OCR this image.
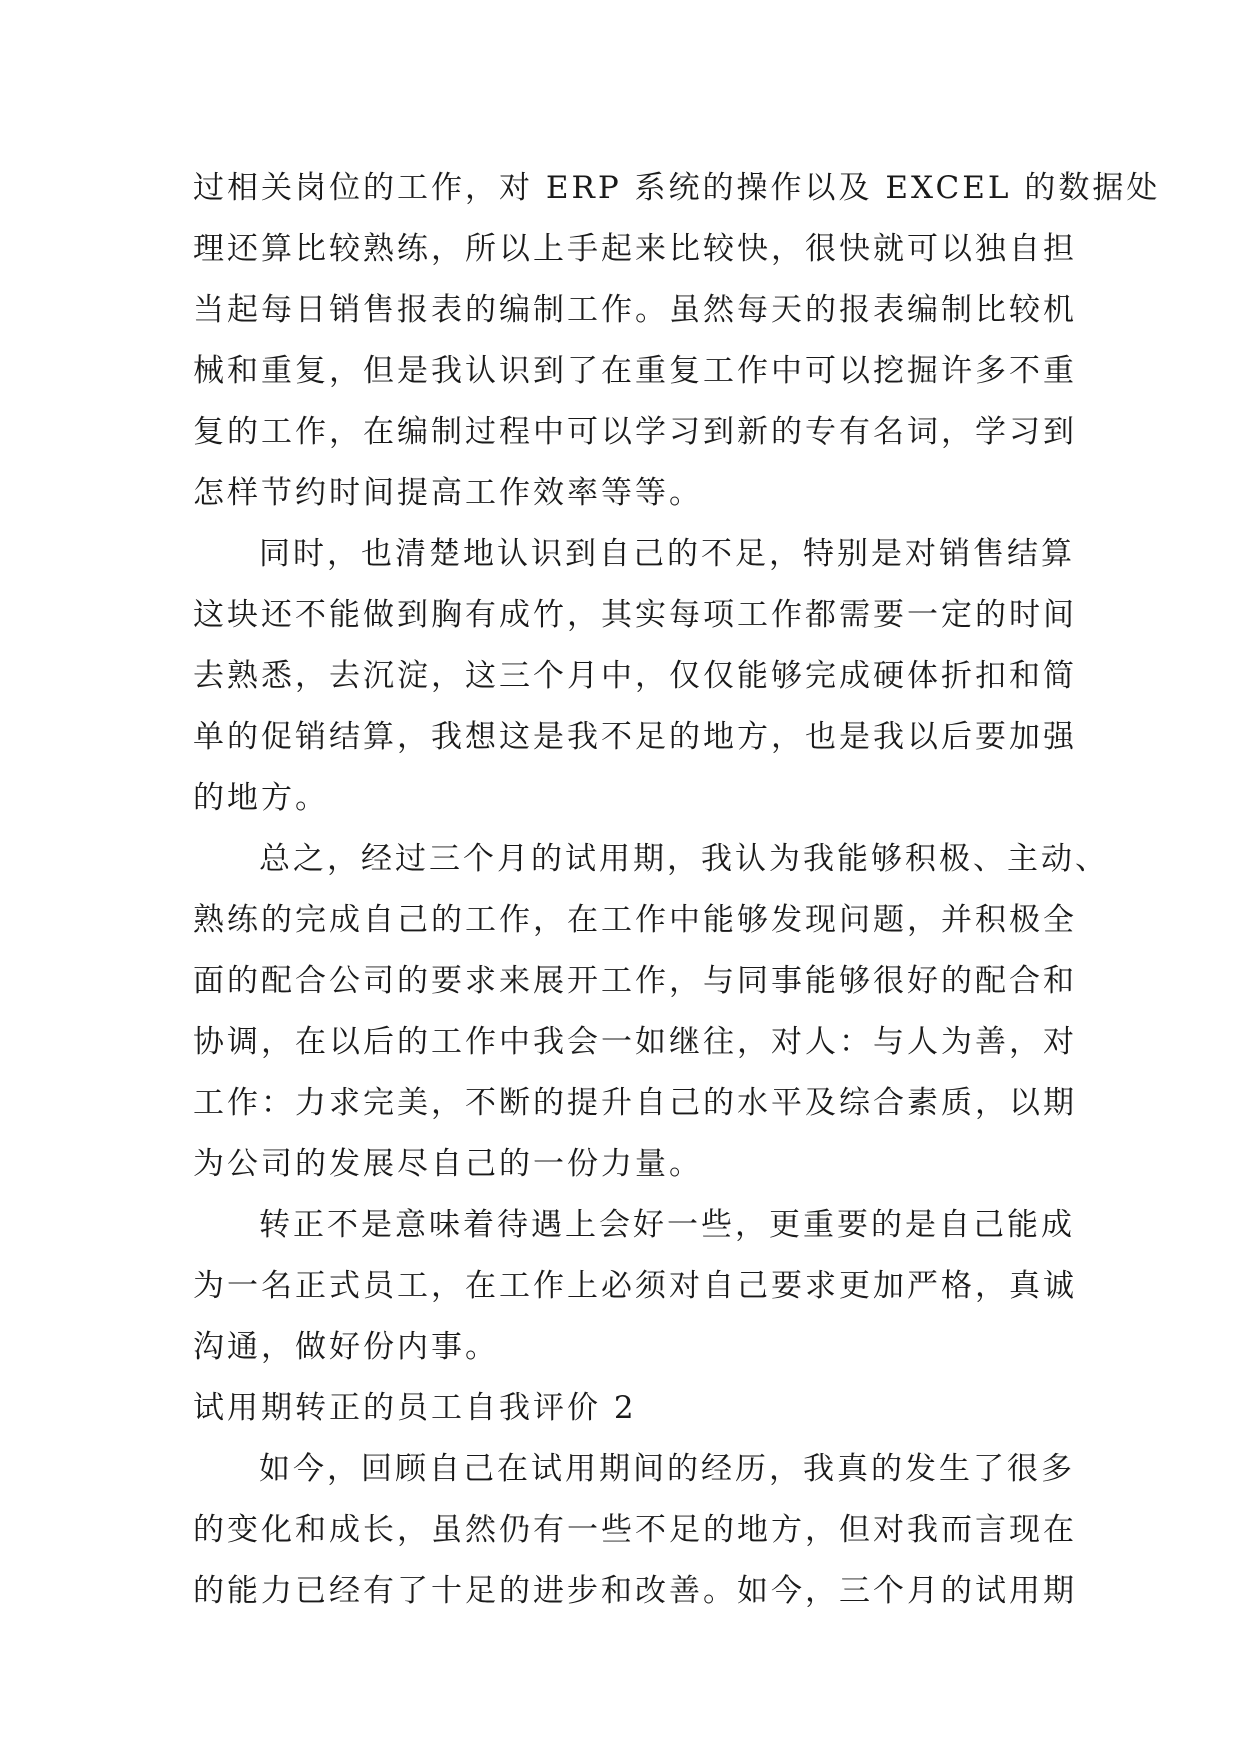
过相关岗位的工作，对 ERP 系统的操作以及 EXCEL 的数据处
理还算比较熟练，所以上手起来比较快，很快就可以独自担
当起每日销售报表的编制工作。虽然每天的报表编制比较机
械和重复，但是我认识到了在重复工作中可以挖掘许多不重
复的工作，在编制过程中可以学习到新的专有名词，学习到
怎样节约时间提高工作效率等等。
同时，也清楚地认识到自己的不足，特别是对销售结算
这块还不能做到胸有成竹，其实每项工作都需要一定的时间
去熟悉，去沉淀，这三个月中，仅仅能够完成硬体折扣和简
单的促销结算，我想这是我不足的地方，也是我以后要加强
的地方。
总之，经过三个月的试用期，我认为我能够积极、主动、
熟练的完成自己的工作，在工作中能够发现问题，并积极全
面的配合公司的要求来展开工作，与同事能够很好的配合和
协调，在以后的工作中我会一如继往，对人：与人为善，对
工作：力求完美，不断的提升自己的水平及综合素质，以期
为公司的发展尽自己的一份力量。
转正不是意味着待遇上会好一些，更重要的是自己能成
为一名正式员工，在工作上必须对自己要求更加严格，真诚
沟通，做好份内事。
试用期转正的员工自我评价 2
如今，回顾自己在试用期间的经历，我真的发生了很多
的变化和成长，虽然仍有一些不足的地方，但对我而言现在
的能力已经有了十足的进步和改善。如今，三个月的试用期
